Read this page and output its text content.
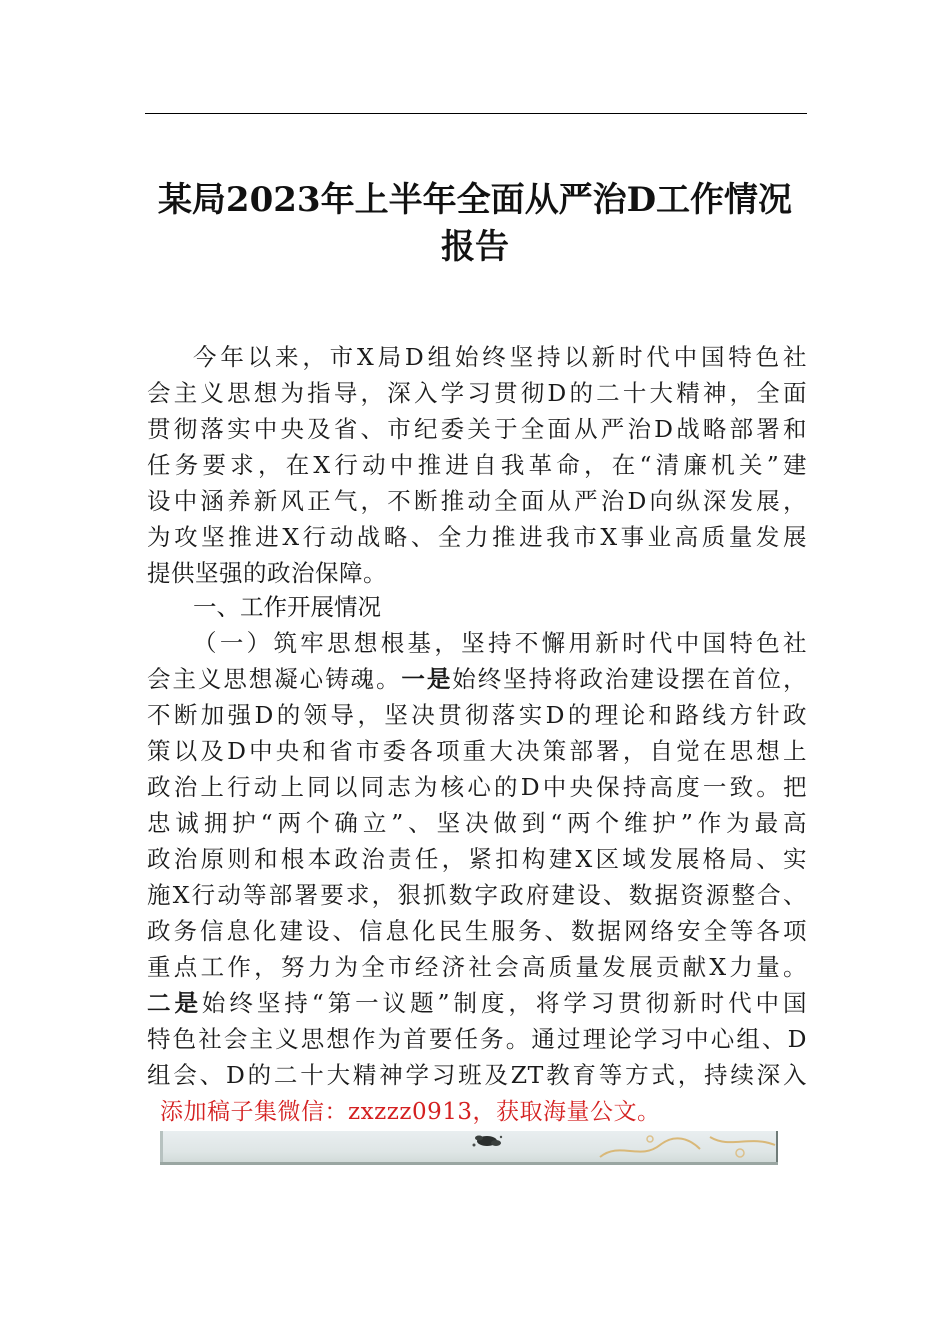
某局2023年上半年全面从严治D工作情况
报告
今年以来，市X局D组始终坚持以新时代中国特色社
会主义思想为指导，深入学习贯彻D的二十大精神，全面
贯彻落实中央及省、市纪委关于全面从严治D战略部署和
任务要求，在X行动中推进自我革命，在“清廉机关”建
设中涵养新风正气，不断推动全面从严治D向纵深发展，
为攻坚推进X行动战略、全力推进我市X事业高质量发展
提供坚强的政治保障。
一、工作开展情况
（一）筑牢思想根基，坚持不懈用新时代中国特色社
会主义思想凝心铸魂。一是始终坚持将政治建设摆在首位，
不断加强D的领导，坚决贯彻落实D的理论和路线方针政
策以及D中央和省市委各项重大决策部署，自觉在思想上
政治上行动上同以同志为核心的D中央保持高度一致。把
忠诚拥护“两个确立”、坚决做到“两个维护”作为最高
政治原则和根本政治责任，紧扣构建X区域发展格局、实
施X行动等部署要求，狠抓数字政府建设、数据资源整合、
政务信息化建设、信息化民生服务、数据网络安全等各项
重点工作，努力为全市经济社会高质量发展贡献X力量。
二是始终坚持“第一议题”制度，将学习贯彻新时代中国
特色社会主义思想作为首要任务。通过理论学习中心组、D
组会、D的二十大精神学习班及ZT教育等方式，持续深入
添加稿子集微信：zxzzz0913，获取海量公文。
